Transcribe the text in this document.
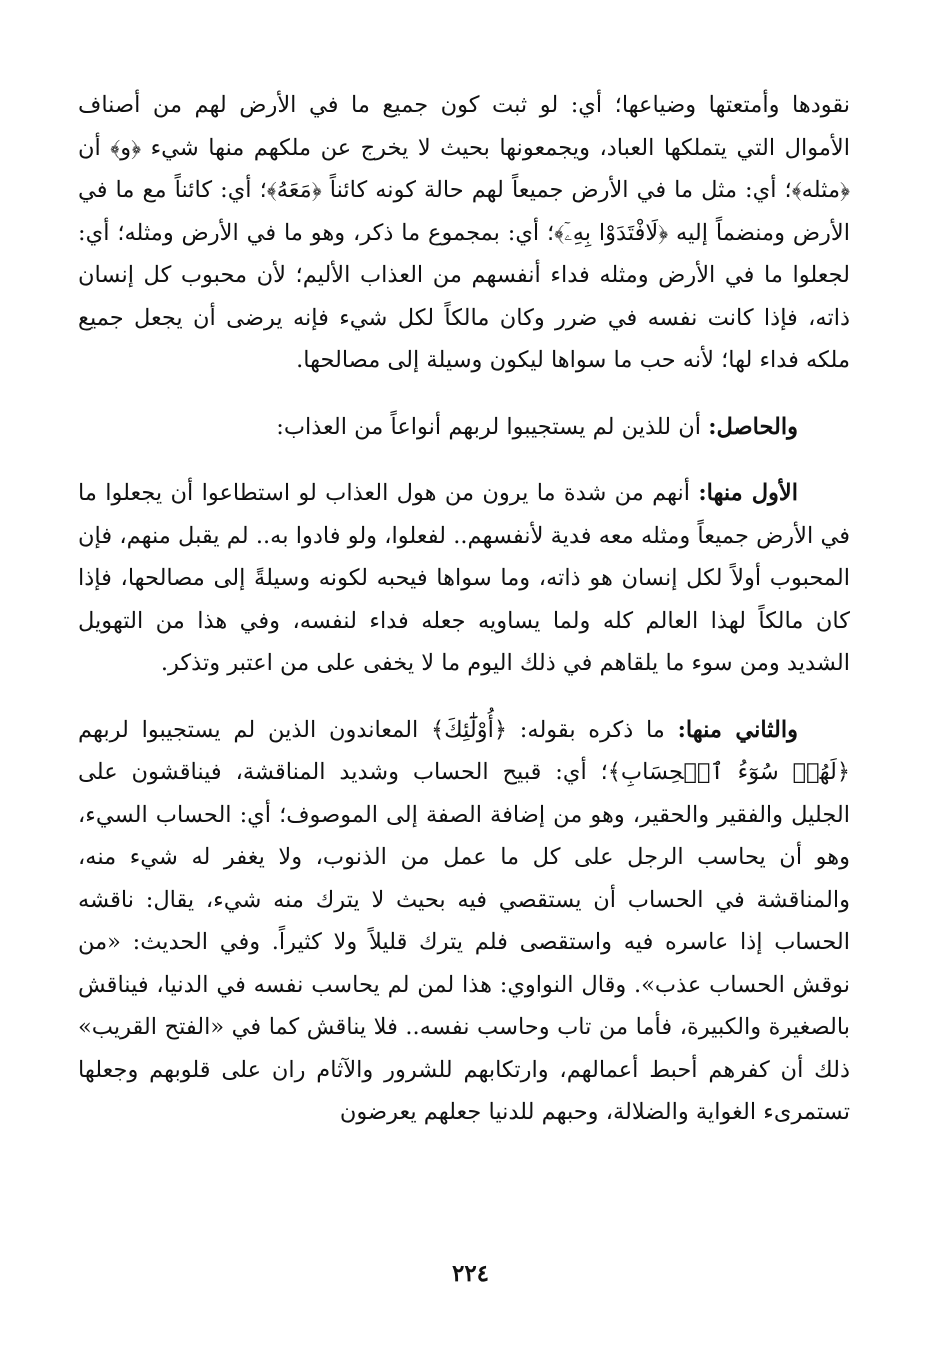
نقودها وأمتعتها وضياعها؛ أي: لو ثبت كون جميع ما في الأرض لهم من أصناف الأموال التي يتملكها العباد، ويجمعونها بحيث لا يخرج عن ملكهم منها شيء ﴿و﴾ أن ﴿مثله﴾؛ أي: مثل ما في الأرض جميعاً لهم حالة كونه كائناً ﴿مَعَهُ﴾؛ أي: كائناً مع ما في الأرض ومنضماً إليه ﴿لَافْتَدَوْا بِهِۦٓ﴾؛ أي: بمجموع ما ذكر، وهو ما في الأرض ومثله؛ أي: لجعلوا ما في الأرض ومثله فداء أنفسهم من العذاب الأليم؛ لأن محبوب كل إنسان ذاته، فإذا كانت نفسه في ضرر وكان مالكاً لكل شيء فإنه يرضى أن يجعل جميع ملكه فداء لها؛ لأنه حب ما سواها ليكون وسيلة إلى مصالحها.

والحاصل: أن للذين لم يستجيبوا لربهم أنواعاً من العذاب:

الأول منها: أنهم من شدة ما يرون من هول العذاب لو استطاعوا أن يجعلوا ما في الأرض جميعاً ومثله معه فدية لأنفسهم.. لفعلوا، ولو فادوا به.. لم يقبل منهم، فإن المحبوب أولاً لكل إنسان هو ذاته، وما سواها فيحبه لكونه وسيلةً إلى مصالحها، فإذا كان مالكاً لهذا العالم كله ولما يساويه جعله فداء لنفسه، وفي هذا من التهويل الشديد ومن سوء ما يلقاهم في ذلك اليوم ما لا يخفى على من اعتبر وتذكر.

والثاني منها: ما ذكره بقوله: ﴿أُوْلَٰٓئِكَ﴾ المعاندون الذين لم يستجيبوا لربهم ﴿لَهُمۡ سُوٓءُ ٱلۡحِسَابِ﴾؛ أي: قبيح الحساب وشديد المناقشة، فيناقشون على الجليل والفقير والحقير، وهو من إضافة الصفة إلى الموصوف؛ أي: الحساب السيء، وهو أن يحاسب الرجل على كل ما عمل من الذنوب، ولا يغفر له شيء منه، والمناقشة في الحساب أن يستقصي فيه بحيث لا يترك منه شيء، يقال: ناقشه الحساب إذا عاسره فيه واستقصى فلم يترك قليلاً ولا كثيراً. وفي الحديث: «من نوقش الحساب عذب». وقال النواوي: هذا لمن لم يحاسب نفسه في الدنيا، فيناقش بالصغيرة والكبيرة، فأما من تاب وحاسب نفسه.. فلا يناقش كما في «الفتح القريب» ذلك أن كفرهم أحبط أعمالهم، وارتكابهم للشرور والآثام ران على قلوبهم وجعلها تستمرىء الغواية والضلالة، وحبهم للدنيا جعلهم يعرضون

٢٢٤
